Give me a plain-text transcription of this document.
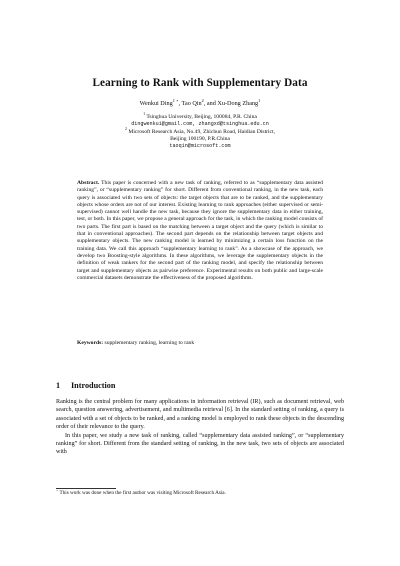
Learning to Rank with Supplementary Data
Wenkui Ding$^{1 ⋆}$, Tao Qin$^2$, and Xu-Dong Zhang$^1$
$^1$ Tsinghua University, Beijing, 100084, P.R. China
dingwenkui@gmail.com, zhangxd@tsinghua.edu.cn
$^2$ Microsoft Research Asia, No.49, Zhichun Road, Haidian District,
Beijing 100190, P.R.China
taoqin@microsoft.com
Abstract. This paper is concerned with a new task of ranking, referred to as “supplementary data assisted ranking”, or “supplementary ranking” for short. Different from conventional ranking, in the new task, each query is associated with two sets of objects: the target objects that are to be ranked, and the supplementary objects whose orders are not of our interest. Existing learning to rank approaches (either supervised or semi-supervised) cannot well handle the new task, because they ignore the supplementary data in either training, test, or both. In this paper, we propose a general approach for the task, in which the ranking model consists of two parts. The first part is based on the matching between a target object and the query (which is similar to that in conventional approaches). The second part depends on the relationship between target objects and supplementary objects. The new ranking model is learned by minimizing a certain loss function on the training data. We call this approach “supplementary learning to rank”. As a showcase of the approach, we develop two Boosting-style algorithms. In these algorithms, we leverage the supplementary objects in the definition of weak rankers for the second part of the ranking model, and specify the relationship between target and supplementary objects as pairwise preference. Experimental results on both public and large-scale commercial datasets demonstrate the effectiveness of the proposed algorithms.
Keywords: supplementary ranking, learning to rank
1 Introduction

Ranking is the central problem for many applications in information retrieval (IR), such as document retrieval, web search, question answering, advertisement, and multimedia retrieval [6]. In the standard setting of ranking, a query is associated with a set of objects to be ranked, and a ranking model is employed to rank these objects in the descending order of their relevance to the query.

In this paper, we study a new task of ranking, called “supplementary data assisted ranking”, or “supplementary ranking” for short. Different from the standard setting of ranking, in the new task, two sets of objects are associated with

⋆ This work was done when the first author was visiting Microsoft Research Asia.
